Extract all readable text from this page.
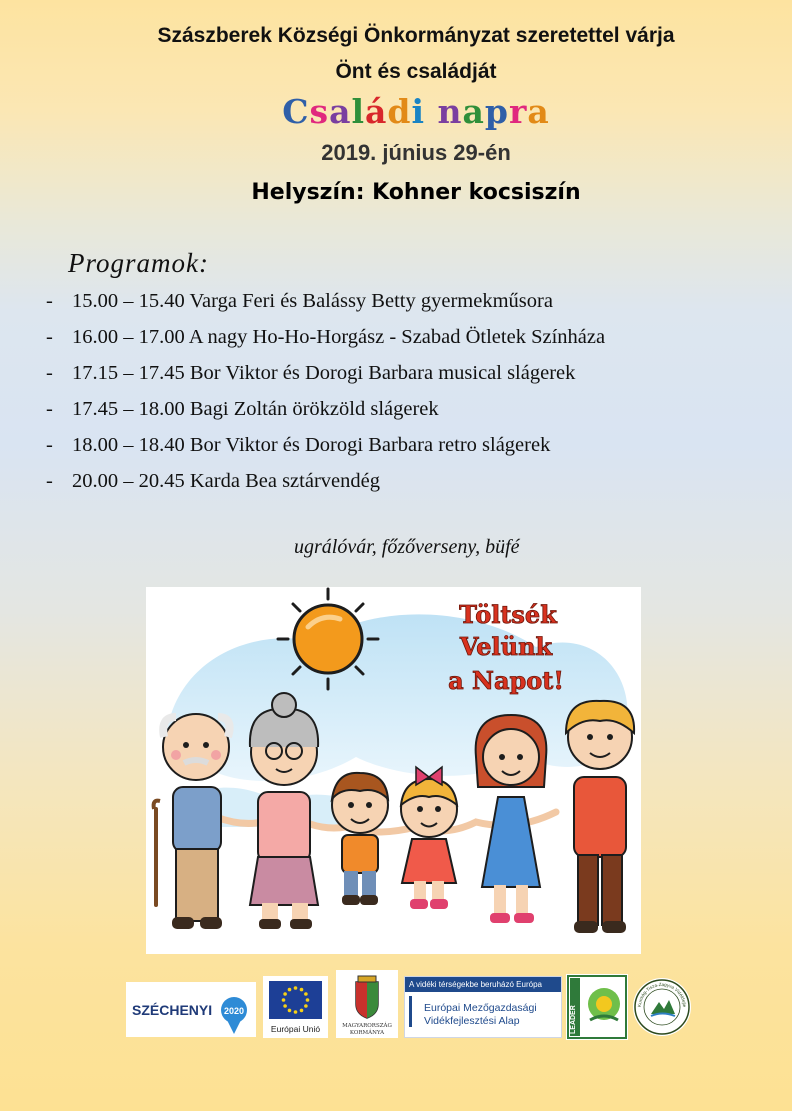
Szászberek Községi Önkormányzat szeretettel várja
Önt és családját
Családi napra
2019. június 29-én
Helyszín: Kohner kocsiszín
Programok:
- 15.00 – 15.40 Varga Feri és Balássy Betty gyermekműsora
- 16.00 – 17.00 A nagy Ho-Ho-Horgász - Szabad Ötletek Színháza
- 17.15 – 17.45 Bor Viktor és Dorogi Barbara musical slágerek
- 17.45 – 18.00 Bagi Zoltán örökzöld slágerek
- 18.00 – 18.40 Bor Viktor és Dorogi Barbara retro slágerek
- 20.00 – 20.45 Karda Bea sztárvendég
ugrálóvár, főzőverseny, büfé
Töltsék
Velünk
a Napot!
SZÉCHENYI 2020
Európai Unió	MAGYARORSZÁG
KORMÁNYA
A vidéki térségekbe beruházó Európa
Európai Mezőgazdasági
Vidékfejlesztési Alap	LEADER	Kunság-Tisza-Zagyva Vidékfejle
